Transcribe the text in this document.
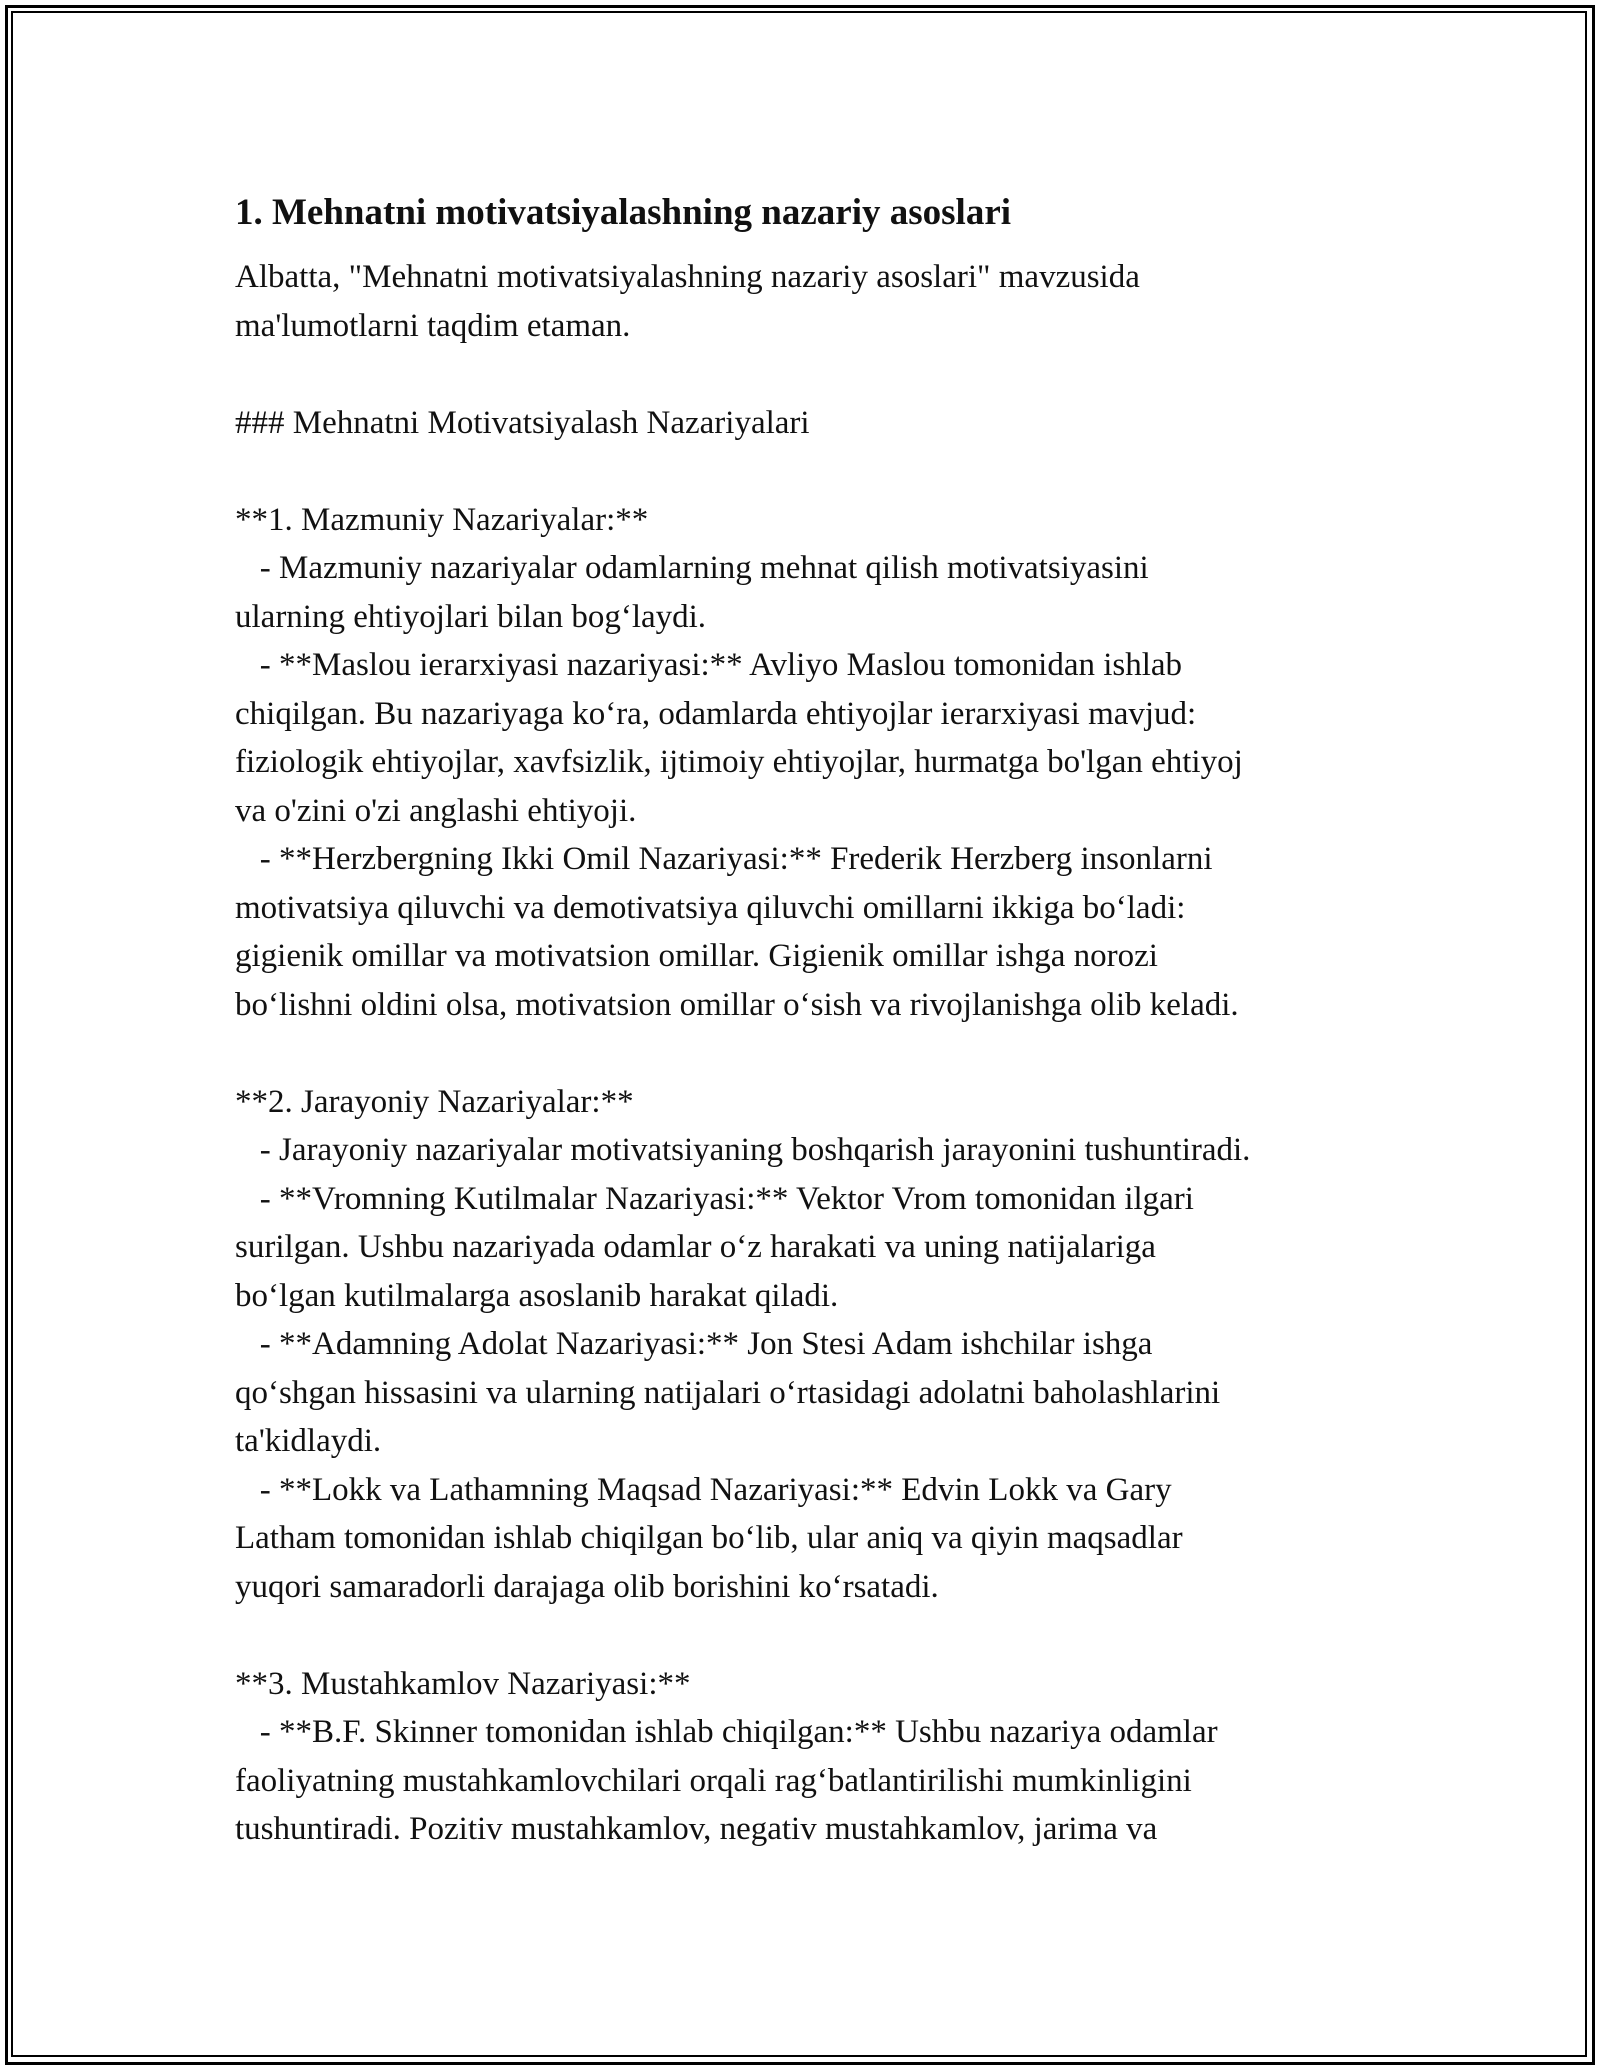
1. Mehnatni motivatsiyalashning nazariy asoslari
Albatta, "Mehnatni motivatsiyalashning nazariy asoslari" mavzusida
ma'lumotlarni taqdim etaman.

### Mehnatni Motivatsiyalash Nazariyalari

**1. Mazmuniy Nazariyalar:**
- Mazmuniy nazariyalar odamlarning mehnat qilish motivatsiyasini
ularning ehtiyojlari bilan bog‘laydi.
- **Maslou ierarxiyasi nazariyasi:** Avliyo Maslou tomonidan ishlab
chiqilgan. Bu nazariyaga ko‘ra, odamlarda ehtiyojlar ierarxiyasi mavjud:
fiziologik ehtiyojlar, xavfsizlik, ijtimoiy ehtiyojlar, hurmatga bo'lgan ehtiyoj
va o'zini o'zi anglashi ehtiyoji.
- **Herzbergning Ikki Omil Nazariyasi:** Frederik Herzberg insonlarni
motivatsiya qiluvchi va demotivatsiya qiluvchi omillarni ikkiga bo‘ladi:
gigienik omillar va motivatsion omillar. Gigienik omillar ishga norozi
bo‘lishni oldini olsa, motivatsion omillar o‘sish va rivojlanishga olib keladi.

**2. Jarayoniy Nazariyalar:**
- Jarayoniy nazariyalar motivatsiyaning boshqarish jarayonini tushuntiradi.
- **Vromning Kutilmalar Nazariyasi:** Vektor Vrom tomonidan ilgari
surilgan. Ushbu nazariyada odamlar o‘z harakati va uning natijalariga
bo‘lgan kutilmalarga asoslanib harakat qiladi.
- **Adamning Adolat Nazariyasi:** Jon Stesi Adam ishchilar ishga
qo‘shgan hissasini va ularning natijalari o‘rtasidagi adolatni baholashlarini
ta'kidlaydi.
- **Lokk va Lathamning Maqsad Nazariyasi:** Edvin Lokk va Gary
Latham tomonidan ishlab chiqilgan bo‘lib, ular aniq va qiyin maqsadlar
yuqori samaradorli darajaga olib borishini ko‘rsatadi.

**3. Mustahkamlov Nazariyasi:**
- **B.F. Skinner tomonidan ishlab chiqilgan:** Ushbu nazariya odamlar
faoliyatning mustahkamlovchilari orqali rag‘batlantirilishi mumkinligini
tushuntiradi. Pozitiv mustahkamlov, negativ mustahkamlov, jarima va
